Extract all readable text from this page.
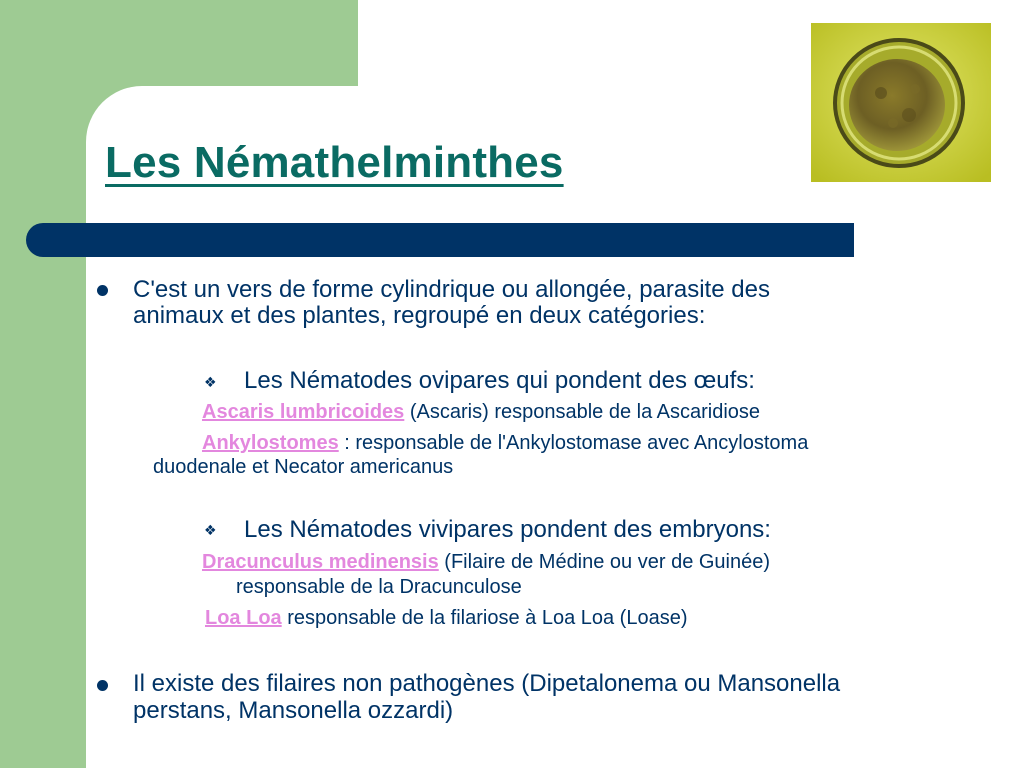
Les Némathelminthes

C'est un vers de forme cylindrique ou allongée, parasite des

animaux et des plantes, regroupé en deux catégories:

❖ Les Nématodes ovipares qui pondent des œufs:

Ascaris lumbricoides (Ascaris) responsable de la Ascaridiose

Ankylostomes : responsable de l'Ankylostomase avec Ancylostoma

duodenale et Necator americanus

❖ Les Nématodes vivipares pondent des embryons:

Dracunculus medinensis (Filaire de Médine ou ver de Guinée)

responsable de la Dracunculose

Loa Loa responsable de la filariose à Loa Loa (Loase)

Il existe des filaires non pathogènes (Dipetalonema ou Mansonella

perstans, Mansonella ozzardi)
